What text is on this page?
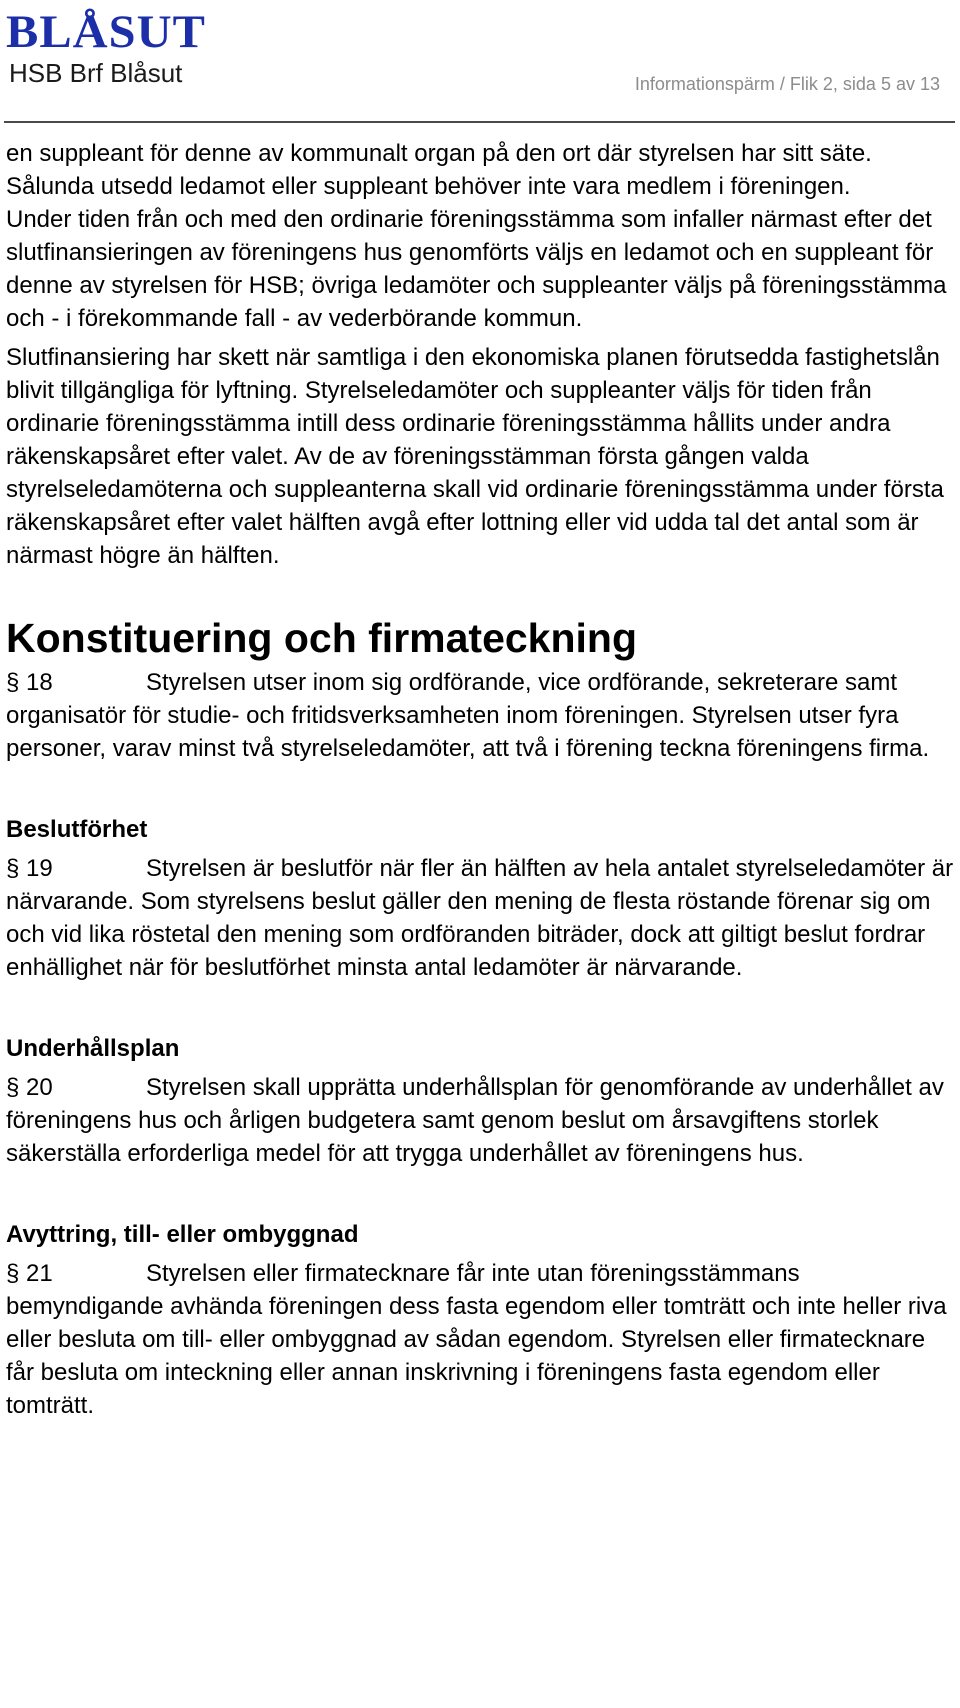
BLÅSUT
HSB Brf Blåsut	Informationspärm / Flik 2, sida 5 av 13

en suppleant för denne av kommunalt organ på den ort där styrelsen har sitt säte. Sålunda utsedd ledamot eller suppleant behöver inte vara medlem i föreningen.

Under tiden från och med den ordinarie föreningsstämma som infaller närmast efter det slutfinansieringen av föreningens hus genomförts väljs en ledamot och en suppleant för denne av styrelsen för HSB; övriga ledamöter och suppleanter väljs på föreningsstämma och - i förekommande fall - av vederbörande kommun.

Slutfinansiering har skett när samtliga i den ekonomiska planen förutsedda fastighetslån blivit tillgängliga för lyftning. Styrelseledamöter och suppleanter väljs för tiden från ordinarie föreningsstämma intill dess ordinarie föreningsstämma hållits under andra räkenskapsåret efter valet. Av de av föreningsstämman första gången valda styrelseledamöterna och suppleanterna skall vid ordinarie föreningsstämma under första räkenskapsåret efter valet hälften avgå efter lottning eller vid udda tal det antal som är närmast högre än hälften.

Konstituering och firmateckning

§ 18	Styrelsen utser inom sig ordförande, vice ordförande, sekreterare samt organisatör för studie- och fritidsverksamheten inom föreningen. Styrelsen utser fyra personer, varav minst två styrelseledamöter, att två i förening teckna föreningens firma.

Beslutförhet

§ 19	Styrelsen är beslutför när fler än hälften av hela antalet styrelseledamöter är närvarande. Som styrelsens beslut gäller den mening de flesta röstande förenar sig om och vid lika röstetal den mening som ordföranden biträder, dock att giltigt beslut fordrar enhällighet när för beslutförhet minsta antal ledamöter är närvarande.

Underhållsplan

§ 20	Styrelsen skall upprätta underhållsplan för genomförande av underhållet av föreningens hus och årligen budgetera samt genom beslut om årsavgiftens storlek säkerställa erforderliga medel för att trygga underhållet av föreningens hus.

Avyttring, till- eller ombyggnad

§ 21	Styrelsen eller firmatecknare får inte utan föreningsstämmans bemyndigande avhända föreningen dess fasta egendom eller tomträtt och inte heller riva eller besluta om till- eller ombyggnad av sådan egendom. Styrelsen eller firmatecknare får besluta om inteckning eller annan inskrivning i föreningens fasta egendom eller tomträtt.
